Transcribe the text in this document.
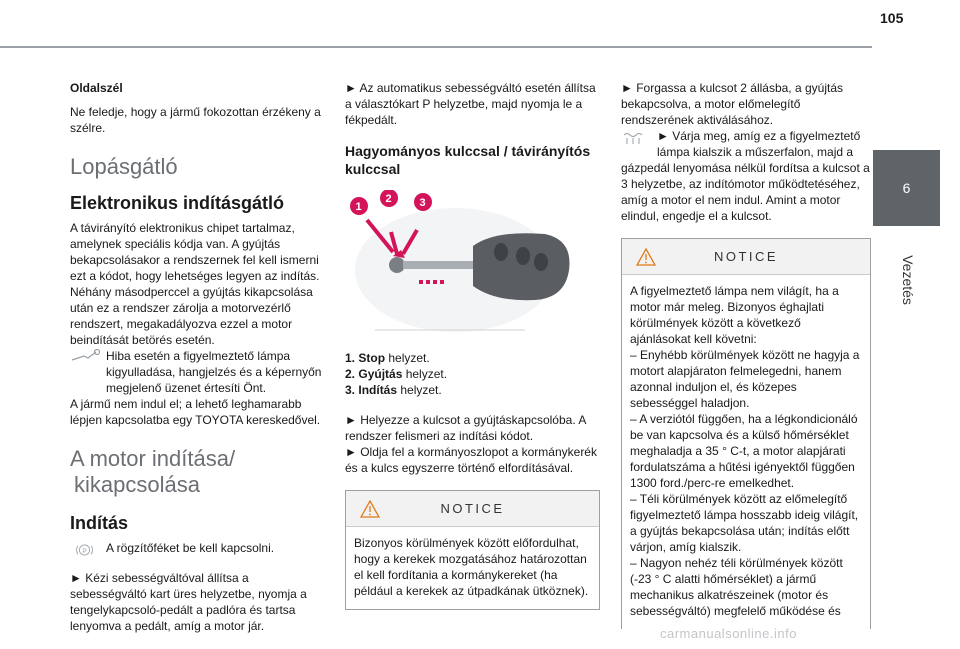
105
6
Vezetés

Oldalszél

Ne feledje, hogy a jármű fokozottan érzékeny a szélre.

Lopásgátló

Elektronikus indításgátló

A távirányító elektronikus chipet tartalmaz, amelynek speciális kódja van. A gyújtás bekapcsolásakor a rendszernek fel kell ismerni ezt a kódot, hogy lehetséges legyen az indítás. Néhány másodperccel a gyújtás kikapcsolása után ez a rendszer zárolja a motorvezérlő rendszert, megakadályozva ezzel a motor beindítását betörés esetén.

Hiba esetén a figyelmeztető lámpa kigyulladása, hangjelzés és a képernyőn megjelenő üzenet értesíti Önt.

A jármű nem indul el; a lehető leghamarabb lépjen kapcsolatba egy TOYOTA kereskedővel.

A motor indítása/

kikapcsolása

Indítás

P A rögzítőféket be kell kapcsolni.

► Kézi sebességváltóval állítsa a sebességváltó kart üres helyzetbe, nyomja a tengelykapcsoló-pedált a padlóra és tartsa lenyomva a pedált, amíg a motor jár.

► Az automatikus sebességváltó esetén állítsa a választókart P helyzetbe, majd nyomja le a fékpedált.

Hagyományos kulccsal / távirányítós kulccsal

1
2	3

1. Stop helyzet.

2. Gyújtás helyzet.

3. Indítás helyzet.

► Helyezze a kulcsot a gyújtáskapcsolóba. A rendszer felismeri az indítási kódot.

► Oldja fel a kormányoszlopot a kormánykerék és a kulcs egyszerre történő elfordításával.

NOTICE

Bizonyos körülmények között előfordulhat, hogy a kerekek mozgatásához határozottan el kell fordítania a kormánykereket (ha például a kerekek az útpadkának ütköznek).

► Forgassa a kulcsot 2 állásba, a gyújtás bekapcsolva, a motor előmelegítő rendszerének aktiválásához.

► Várja meg, amíg ez a figyelmeztető lámpa kialszik a műszerfalon, majd a gázpedál lenyomása nélkül fordítsa a kulcsot a 3 helyzetbe, az indítómotor működtetéséhez, amíg a motor el nem indul. Amint a motor elindul, engedje el a kulcsot.

NOTICE

A figyelmeztető lámpa nem világít, ha a motor már meleg. Bizonyos éghajlati körülmények között a következő ajánlásokat kell követni:

– Enyhébb körülmények között ne hagyja a motort alapjáraton felmelegedni, hanem azonnal induljon el, és közepes sebességgel haladjon.

– A verziótól függően, ha a légkondicionáló be van kapcsolva és a külső hőmérséklet meghaladja a 35 ° C-t, a motor alapjárati fordulatszáma a hűtési igényektől függően 1300 ford./perc-re emelkedhet.

– Téli körülmények között az előmelegítő figyelmeztető lámpa hosszabb ideig világít, a gyújtás bekapcsolása után; indítás előtt várjon, amíg kialszik.

– Nagyon nehéz téli körülmények között (-23 ° C alatti hőmérséklet) a jármű mechanikus alkatrészeinek (motor és sebességváltó) megfelelő működése és

carmanualsonline.info
